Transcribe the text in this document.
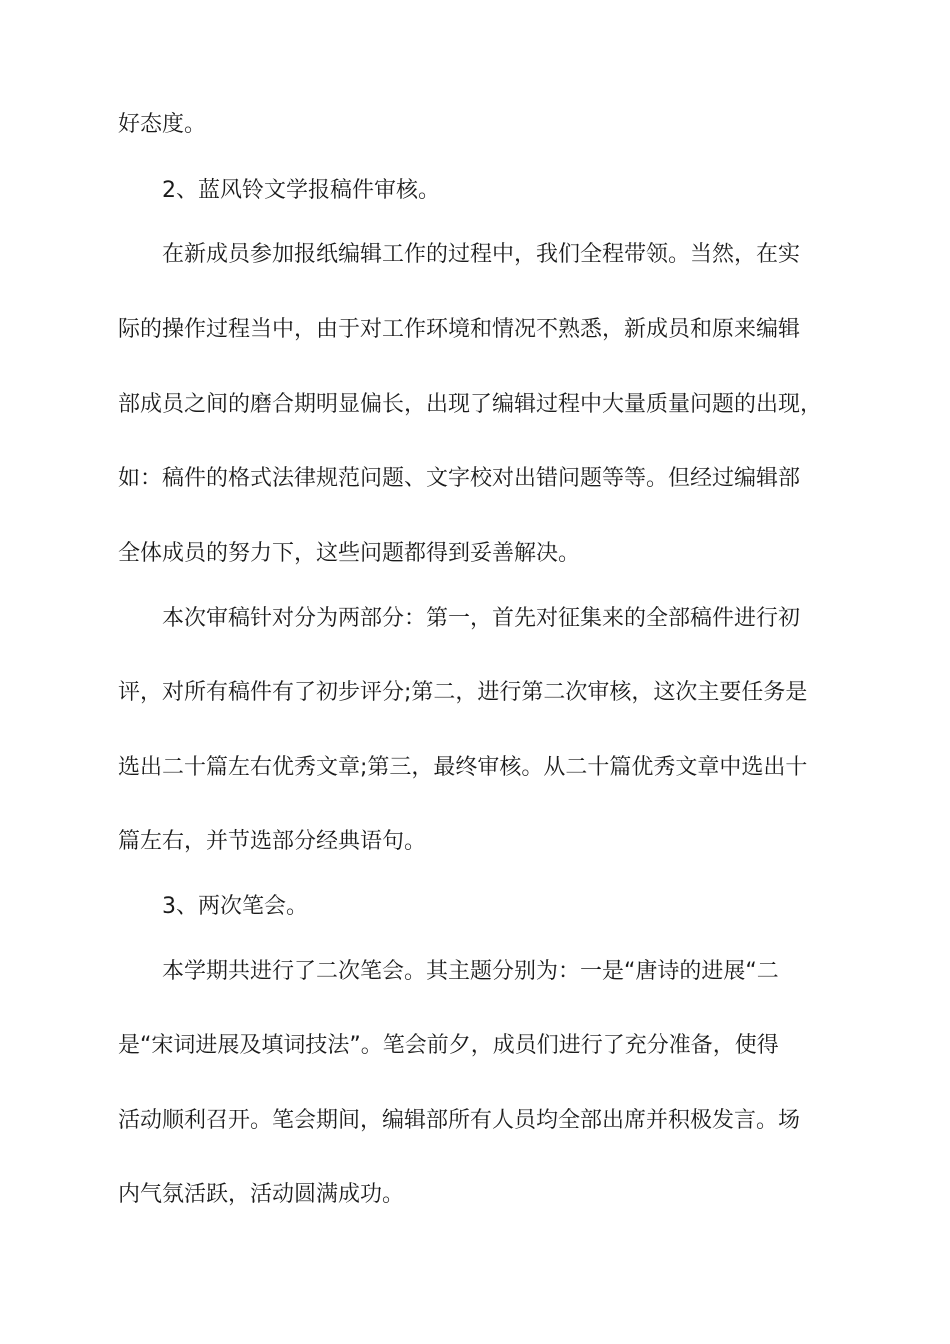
好态度。
2、蓝风铃文学报稿件审核。
在新成员参加报纸编辑工作的过程中，我们全程带领。当然，在实
际的操作过程当中，由于对工作环境和情况不熟悉，新成员和原来编辑
部成员之间的磨合期明显偏长，出现了编辑过程中大量质量问题的出现，
如：稿件的格式法律规范问题、文字校对出错问题等等。但经过编辑部
全体成员的努力下，这些问题都得到妥善解决。
本次审稿针对分为两部分：第一，首先对征集来的全部稿件进行初
评，对所有稿件有了初步评分;第二，进行第二次审核，这次主要任务是
选出二十篇左右优秀文章;第三，最终审核。从二十篇优秀文章中选出十
篇左右，并节选部分经典语句。
3、两次笔会。
本学期共进行了二次笔会。其主题分别为：一是“唐诗的进展“二
是“宋词进展及填词技法”。笔会前夕，成员们进行了充分准备，使得
活动顺利召开。笔会期间，编辑部所有人员均全部出席并积极发言。场
内气氛活跃，活动圆满成功。
